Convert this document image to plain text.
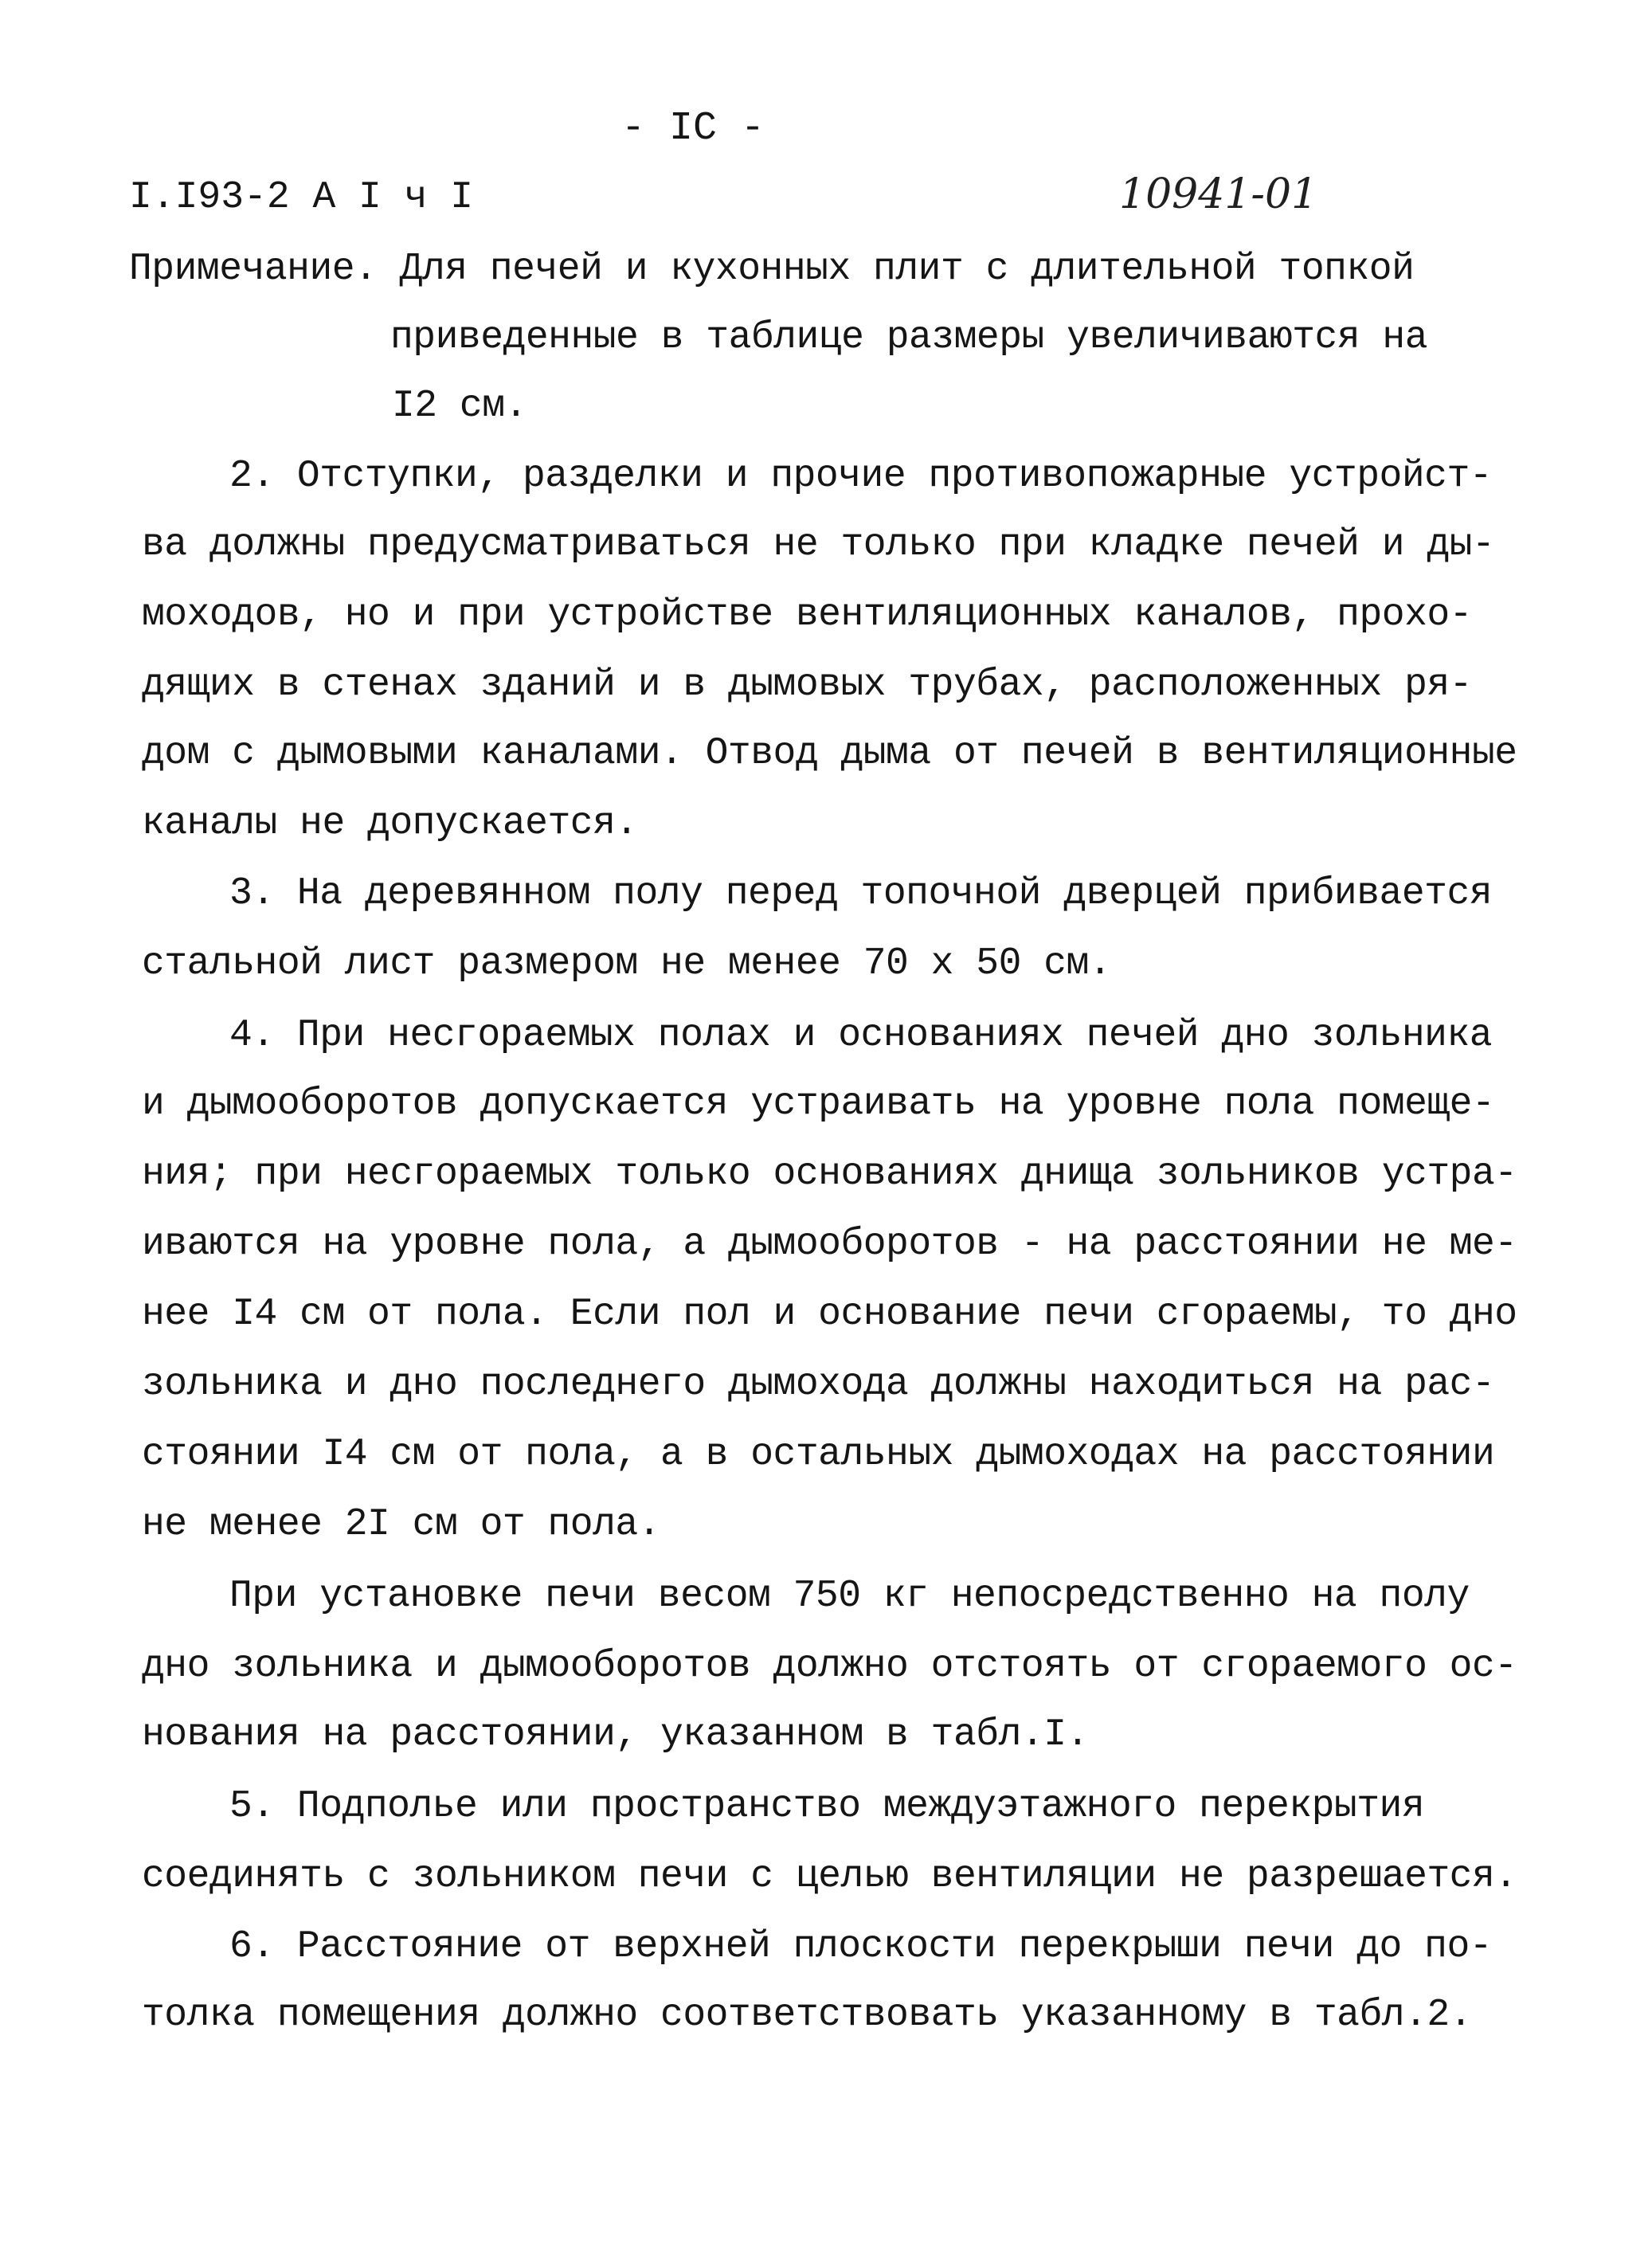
- IC -
I.I93-2 А I ч I	10941-01
Примечание. Для печей и кухонных плит с длительной топкой
приведенные в таблице размеры увеличиваются на
I2 см.
2. Отступки, разделки и прочие противопожарные устройст-
ва должны предусматриваться не только при кладке печей и ды-
моходов, но и при устройстве вентиляционных каналов, прохо-
дящих в стенах зданий и в дымовых трубах, расположенных ря-
дом с дымовыми каналами. Отвод дыма от печей в вентиляционные
каналы не допускается.
3. На деревянном полу перед топочной дверцей прибивается
стальной лист размером не менее 70 x 50 см.
4. При несгораемых полах и основаниях печей дно зольника
и дымооборотов допускается устраивать на уровне пола помеще-
ния; при несгораемых только основаниях днища зольников устра-
иваются на уровне пола, а дымооборотов - на расстоянии не ме-
нее I4 см от пола. Если пол и основание печи сгораемы, то дно
зольника и дно последнего дымохода должны находиться на рас-
стоянии I4 см от пола, а в остальных дымоходах на расстоянии
не менее 2I см от пола.
При установке печи весом 750 кг непосредственно на полу
дно зольника и дымооборотов должно отстоять от сгораемого ос-
нования на расстоянии, указанном в табл.I.
5. Подполье или пространство междуэтажного перекрытия
соединять с зольником печи с целью вентиляции не разрешается.
6. Расстояние от верхней плоскости перекрыши печи до по-
толка помещения должно соответствовать указанному в табл.2.
